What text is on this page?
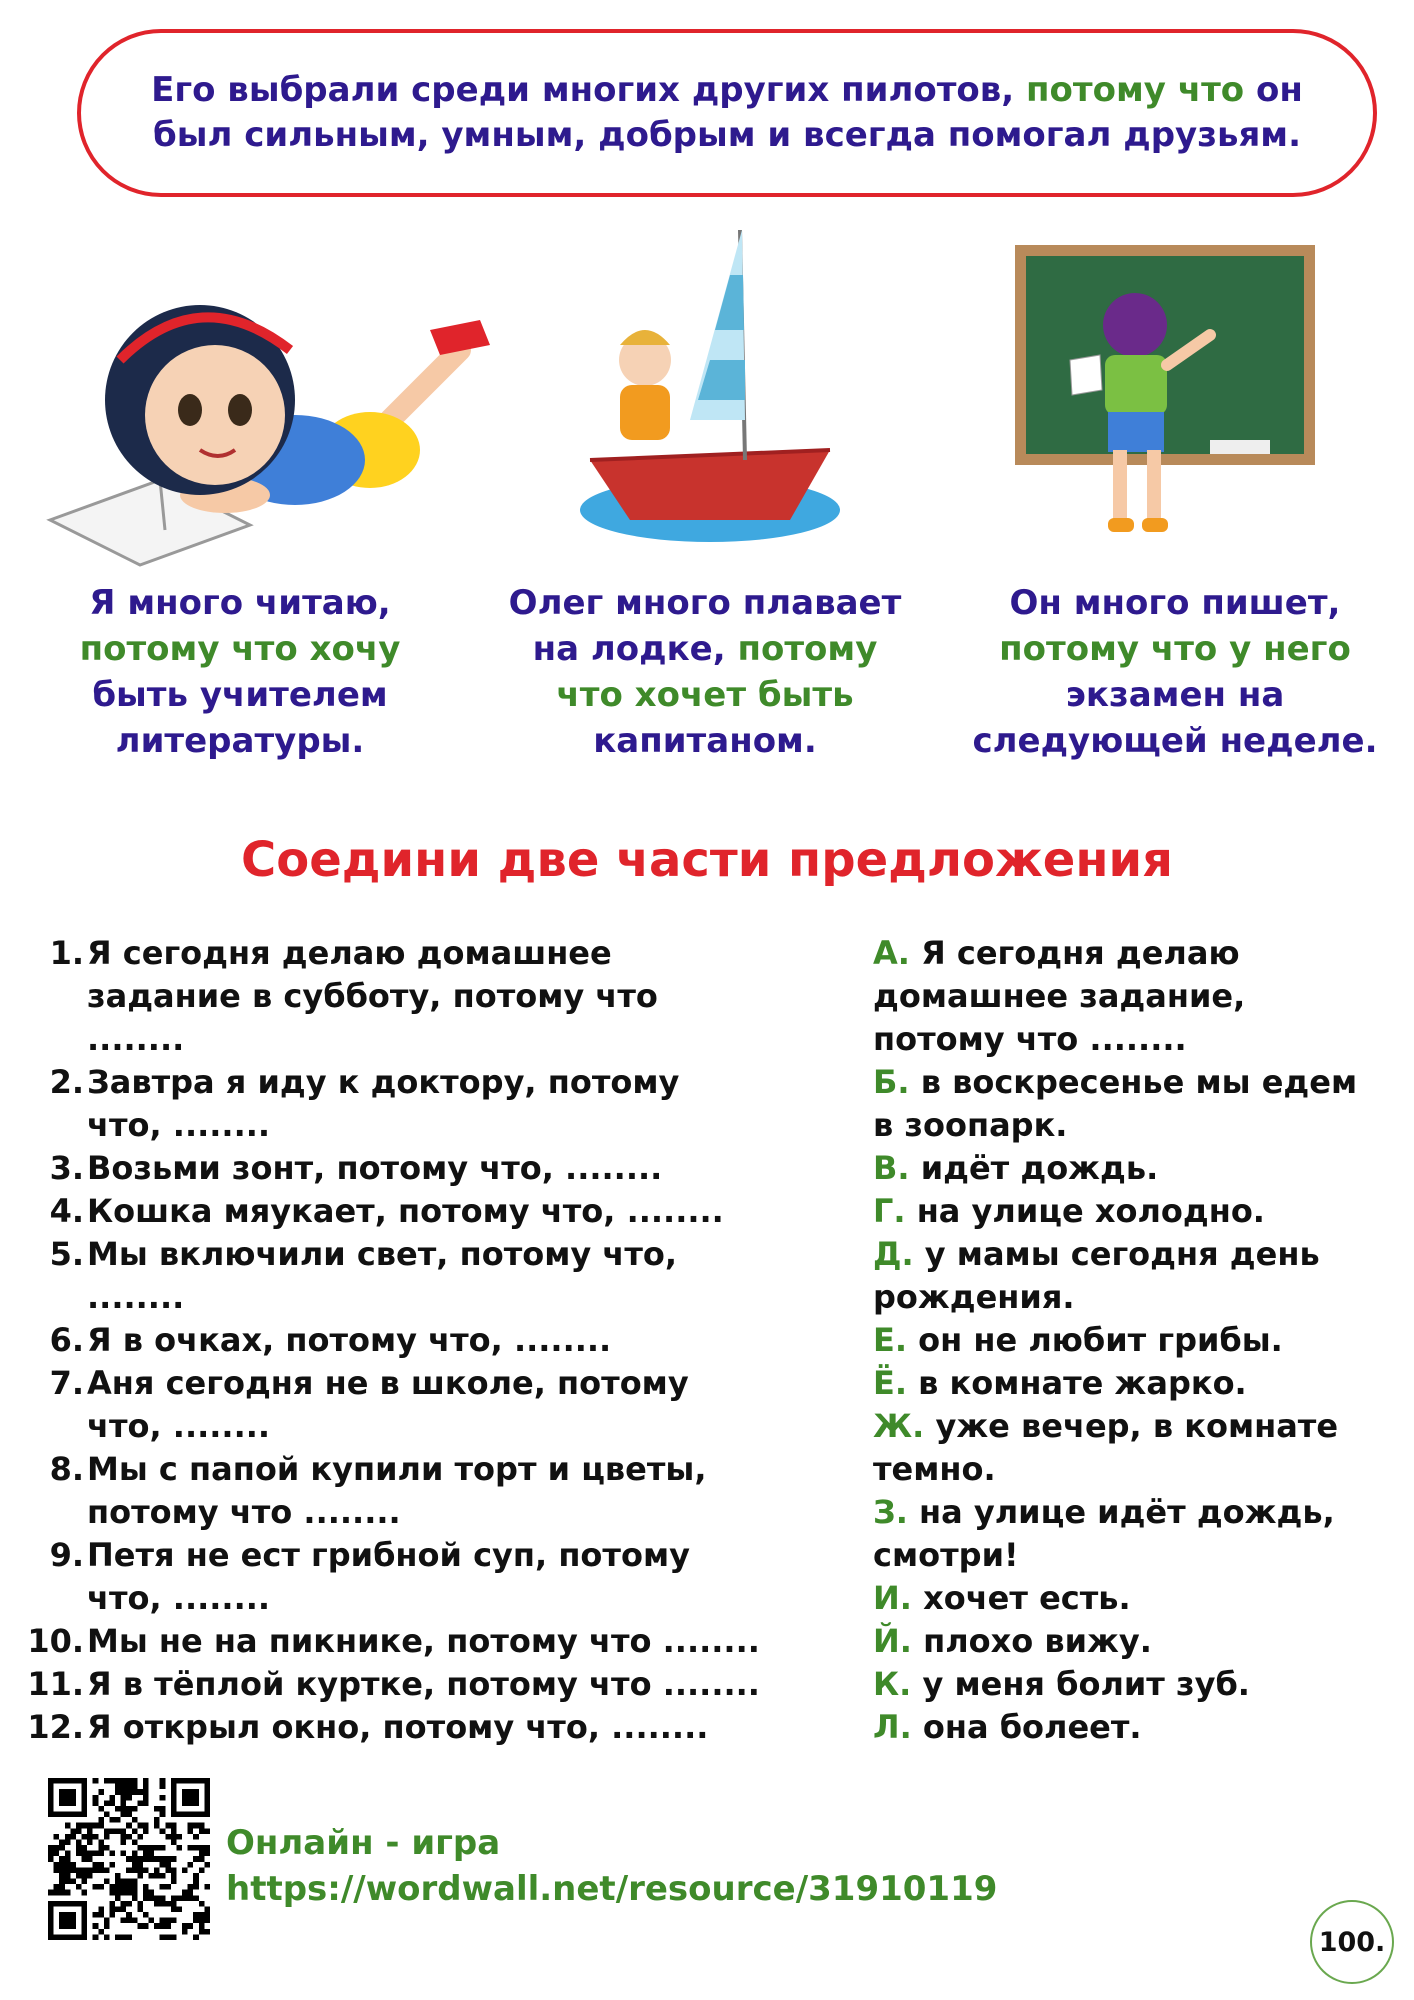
Его выбрали среди многих других пилотов, потому что он
был сильным, умным, добрым и всегда помогал друзьям.

Я много читаю,
потому что хочу
быть учителем
литературы.
Олег много плавает
на лодке, потому
что хочет быть
капитаном.
Он много пишет,
потому что у него
экзамен на
следующей неделе.
Соедини две части предложения
1. Я сегодня делаю домашнее
задание в субботу, потому что
........
2. Завтра я иду к доктору, потому
что, ........
3. Возьми зонт, потому что, ........
4. Кошка мяукает, потому что, ........
5. Мы включили свет, потому что,
........
6. Я в очках, потому что, ........
7. Аня сегодня не в школе, потому
что, ........
8. Мы с папой купили торт и цветы,
потому что ........
9. Петя не ест грибной суп, потому
что, ........
10. Мы не на пикнике, потому что ........
11. Я в тёплой куртке, потому что ........
12. Я открыл окно, потому что, ........
А. Я сегодня делаю
домашнее задание,
потому что ........
Б. в воскресенье мы едем
в зоопарк.
В. идёт дождь.
Г. на улице холодно.
Д. у мамы сегодня день
рождения.
Е. он не любит грибы.
Ё. в комнате жарко.
Ж. уже вечер, в комнате
темно.
З. на улице идёт дождь,
смотри!
И. хочет есть.
Й. плохо вижу.
К. у меня болит зуб.
Л. она болеет.
Онлайн - игра
https://wordwall.net/resource/31910119
100.
